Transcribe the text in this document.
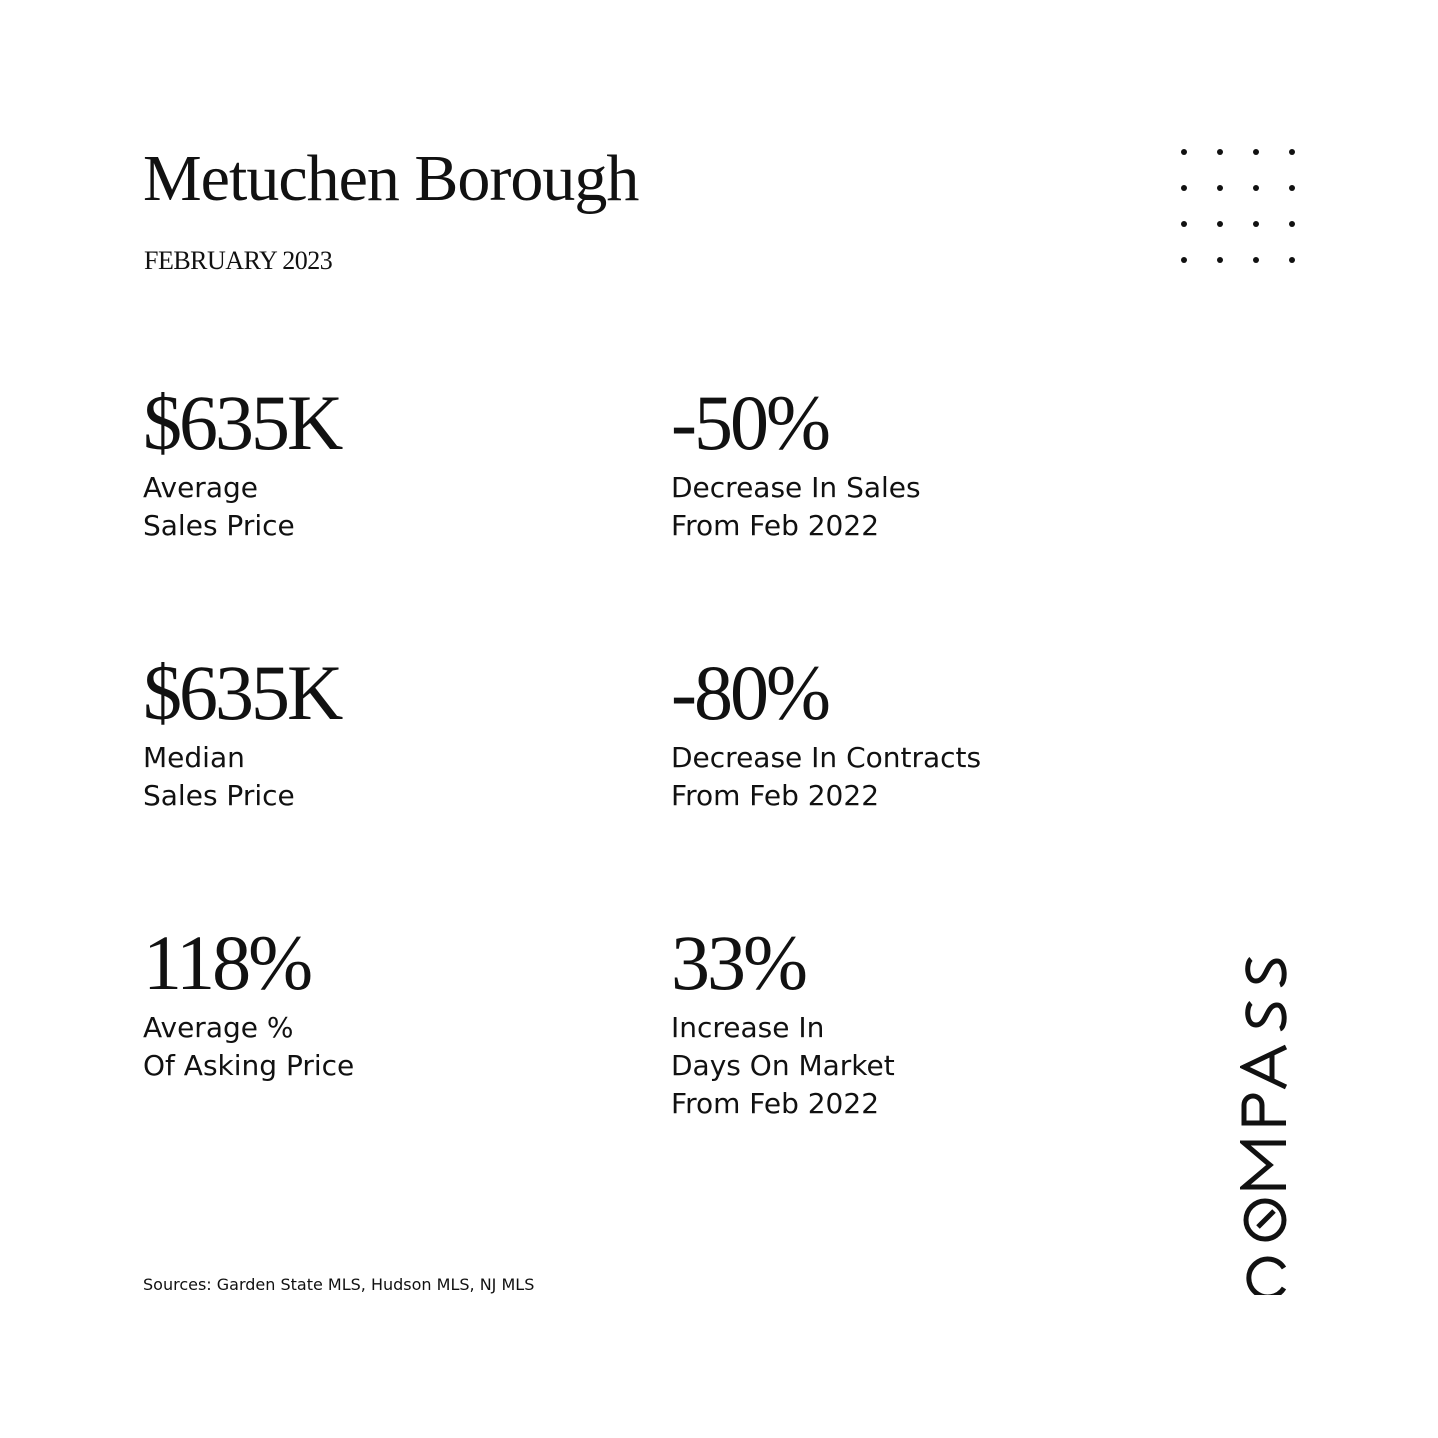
Metuchen Borough
FEBRUARY 2023
$635K
Average
Sales Price
-50%
Decrease In Sales
From Feb 2022
$635K
Median
Sales Price
-80%
Decrease In Contracts
From Feb 2022
118%
Average %
Of Asking Price
33%
Increase In
Days On Market
From Feb 2022
Sources: Garden State MLS, Hudson MLS, NJ MLS
